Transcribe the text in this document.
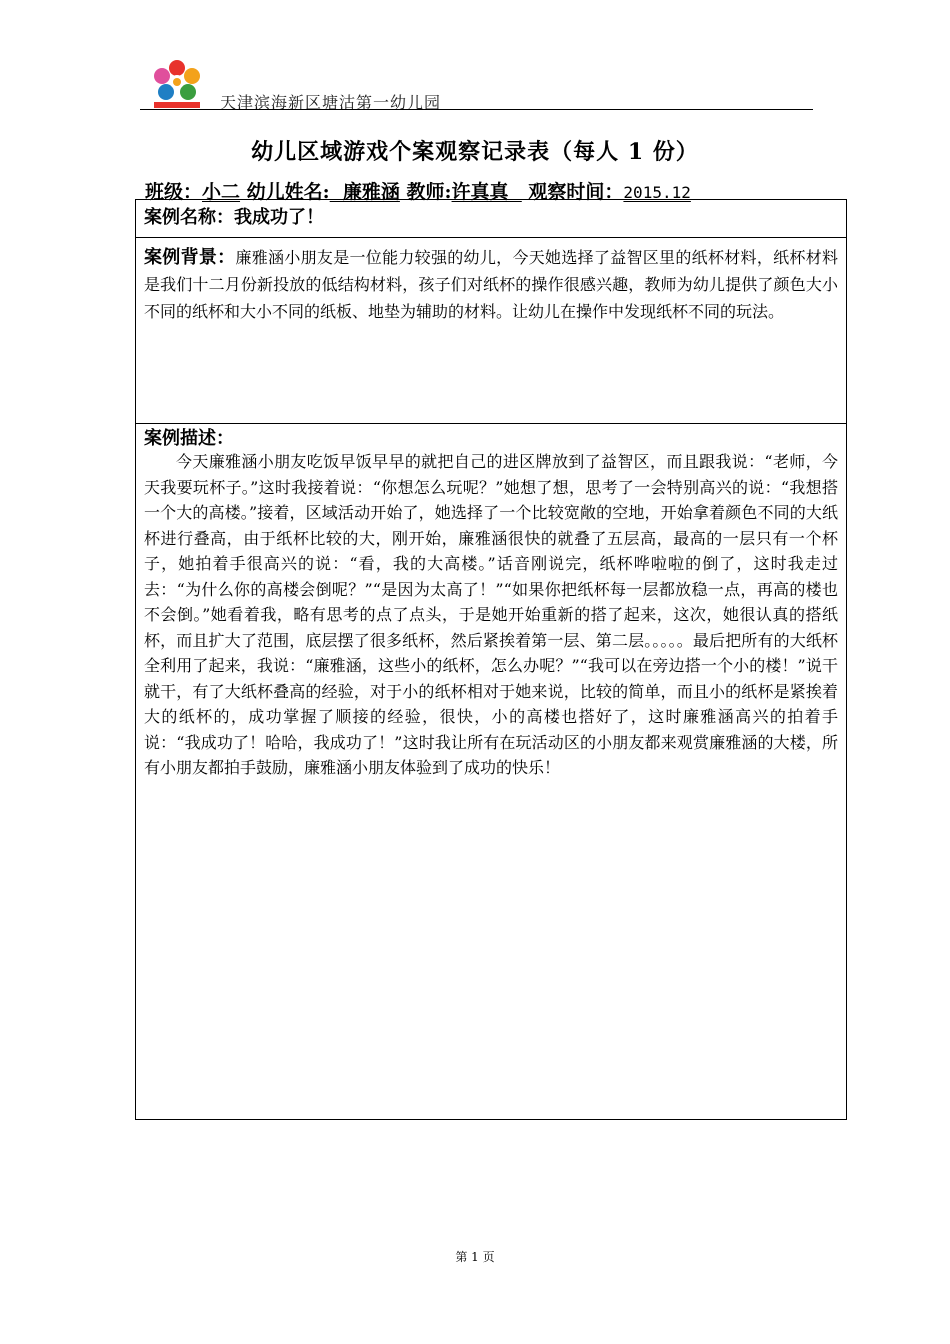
天津滨海新区塘沽第一幼儿园
幼儿区域游戏个案观察记录表（每人 1 份）
班级：小二 幼儿姓名:  廉雅涵 教师:许真真   观察时间：2015.12
案例名称：我成功了！
案例背景：廉雅涵小朋友是一位能力较强的幼儿，今天她选择了益智区里的纸杯材料，纸杯材料是我们十二月份新投放的低结构材料，孩子们对纸杯的操作很感兴趣，教师为幼儿提供了颜色大小不同的纸杯和大小不同的纸板、地垫为辅助的材料。让幼儿在操作中发现纸杯不同的玩法。
案例描述：
今天廉雅涵小朋友吃饭早饭早早的就把自己的进区牌放到了益智区，而且跟我说：“老师，今天我要玩杯子。”这时我接着说：“你想怎么玩呢？”她想了想，思考了一会特别高兴的说：“我想搭一个大的高楼。”接着，区域活动开始了，她选择了一个比较宽敞的空地，开始拿着颜色不同的大纸杯进行叠高，由于纸杯比较的大，刚开始，廉雅涵很快的就叠了五层高，最高的一层只有一个杯子，她拍着手很高兴的说：“看，我的大高楼。”话音刚说完，纸杯哗啦啦的倒了，这时我走过去：“为什么你的高楼会倒呢？”“是因为太高了！”“如果你把纸杯每一层都放稳一点，再高的楼也不会倒。”她看着我，略有思考的点了点头，于是她开始重新的搭了起来，这次，她很认真的搭纸杯，而且扩大了范围，底层摆了很多纸杯，然后紧挨着第一层、第二层。。。。。最后把所有的大纸杯全利用了起来，我说：“廉雅涵，这些小的纸杯，怎么办呢？”“我可以在旁边搭一个小的楼！”说干就干，有了大纸杯叠高的经验，对于小的纸杯相对于她来说，比较的简单，而且小的纸杯是紧挨着大的纸杯的，成功掌握了顺接的经验，很快，小的高楼也搭好了，这时廉雅涵高兴的拍着手说：“我成功了！哈哈，我成功了！”这时我让所有在玩活动区的小朋友都来观赏廉雅涵的大楼，所有小朋友都拍手鼓励，廉雅涵小朋友体验到了成功的快乐！
第 1 页
